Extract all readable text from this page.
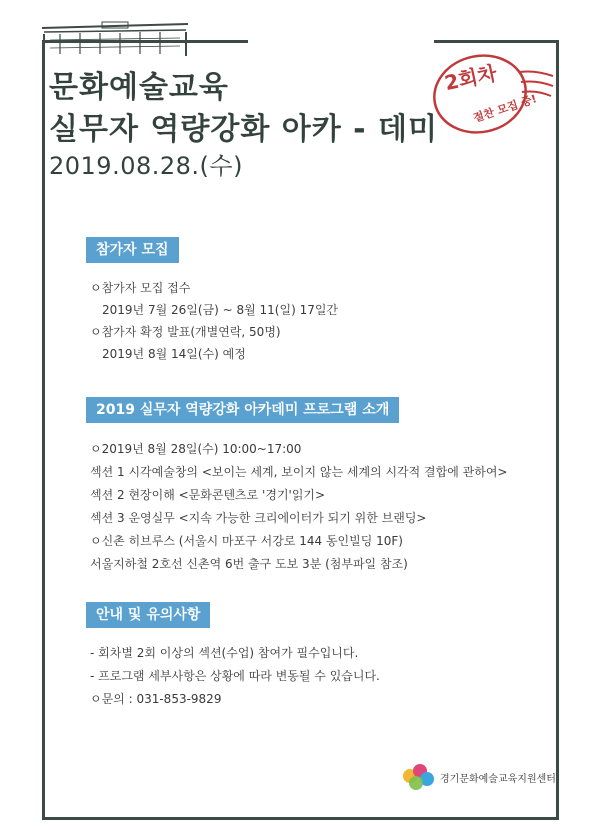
문화예술교육
실무자 역량강화 아카 - 데미
2019.08.28.(수)
2회차
절찬 모집 중!
참가자 모집
ㅇ참가자 모집 접수
2019년 7월 26일(금) ~ 8월 11(일) 17일간
ㅇ참가자 확정 발표(개별연락, 50명)
2019년 8월 14일(수) 예정
2019 실무자 역량강화 아카데미 프로그램 소개
ㅇ2019년 8월 28일(수) 10:00~17:00
섹션 1 시각예술창의 <보이는 세계, 보이지 않는 세계의 시각적 결합에 관하여>
섹션 2 현장이해 <문화콘텐츠로 '경기'읽기>
섹션 3 운영실무 <지속 가능한 크리에이터가 되기 위한 브랜딩>
ㅇ신촌 히브루스 (서울시 마포구 서강로 144 동인빌딩 10F)
서울지하철 2호선 신촌역 6번 출구 도보 3분 (첨부파일 참조)
안내 및 유의사항
- 회차별 2회 이상의 섹션(수업) 참여가 필수입니다.
- 프로그램 세부사항은 상황에 따라 변동될 수 있습니다.
ㅇ문의 : 031-853-9829
경기문화예술교육지원센터
